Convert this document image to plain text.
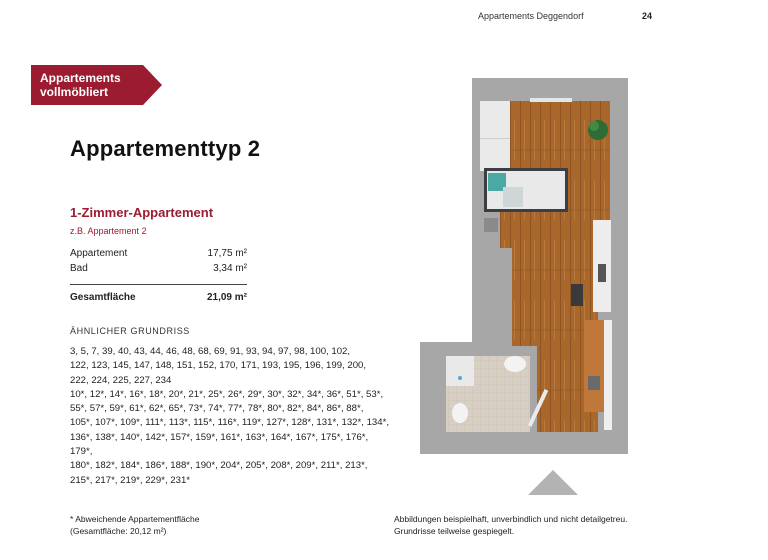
Appartements Deggendorf	24
Appartements
vollmöbliert
Appartementtyp 2
1-Zimmer-Appartement
z.B. Appartement 2
Appartement	17,75 m²
Bad	3,34 m²
Gesamtfläche	21,09 m²
ÄHNLICHER GRUNDRISS
3, 5, 7, 39, 40, 43, 44, 46, 48, 68, 69, 91, 93, 94, 97, 98, 100, 102,
122, 123, 145, 147, 148, 151, 152, 170, 171, 193, 195, 196, 199, 200,
222, 224, 225, 227, 234
10*, 12*, 14*, 16*, 18*, 20*, 21*, 25*, 26*, 29*, 30*, 32*, 34*, 36*, 51*, 53*,
55*, 57*, 59*, 61*, 62*, 65*, 73*, 74*, 77*, 78*, 80*, 82*, 84*, 86*, 88*,
105*, 107*, 109*, 111*, 113*, 115*, 116*, 119*, 127*, 128*, 131*, 132*, 134*,
136*, 138*, 140*, 142*, 157*, 159*, 161*, 163*, 164*, 167*, 175*, 176*, 179*,
180*, 182*, 184*, 186*, 188*, 190*, 204*, 205*, 208*, 209*, 211*, 213*,
215*, 217*, 219*, 229*, 231*
* Abweichende Appartementfläche
(Gesamtfläche: 20,12 m²)
Abbildungen beispielhaft, unverbindlich und nicht detailgetreu.
Grundrisse teilweise gespiegelt.
